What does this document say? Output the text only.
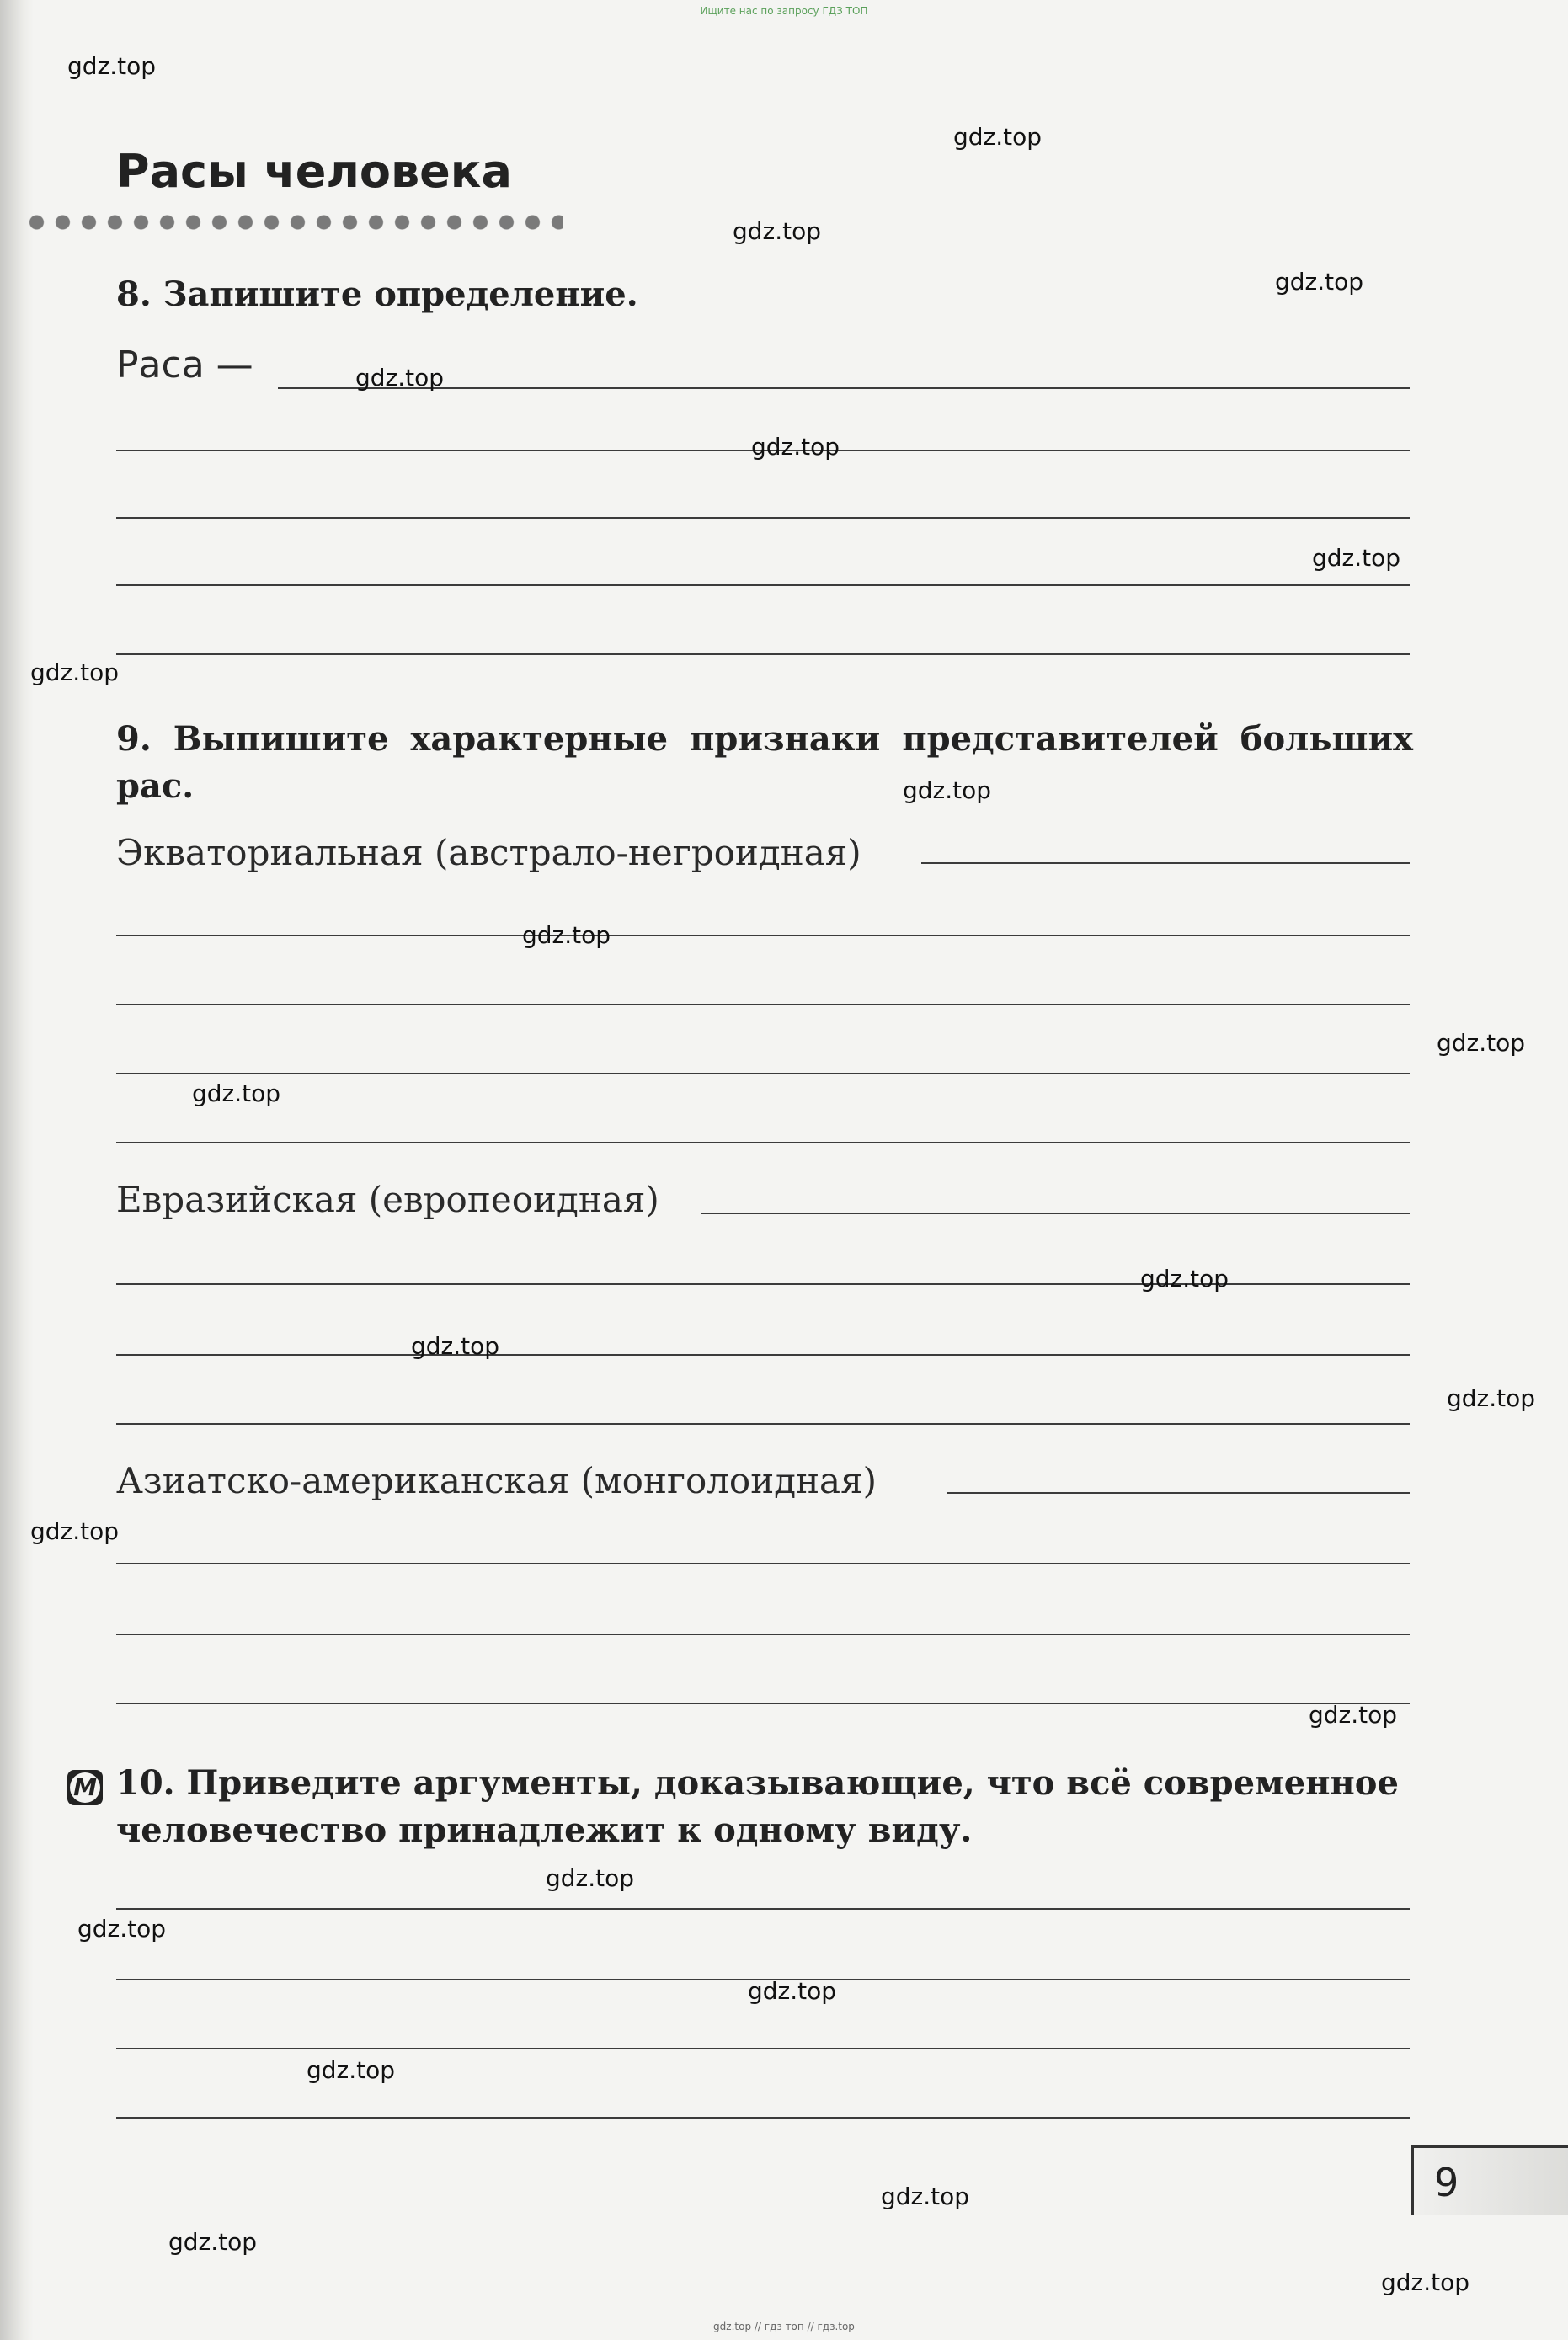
Ищите нас по запросу ГДЗ ТОП
Расы человека
8. Запишите определение.
Раса —
9. Выпишите характерные признаки представителей больших рас.
Экваториальная (австрало-негроидная)
Евразийская (европеоидная)
Азиатско-американская (монголоидная)
М 10. Приведите аргументы, доказывающие, что всё современное человечество принадлежит к одному виду.
9
gdz.top
gdz.top
gdz.top
gdz.top
gdz.top
gdz.top
gdz.top
gdz.top
gdz.top
gdz.top
gdz.top
gdz.top
gdz.top
gdz.top
gdz.top
gdz.top
gdz.top
gdz.top
gdz.top
gdz.top
gdz.top
gdz.top
gdz.top
gdz.top
gdz.top // гдз топ // гдз.top
